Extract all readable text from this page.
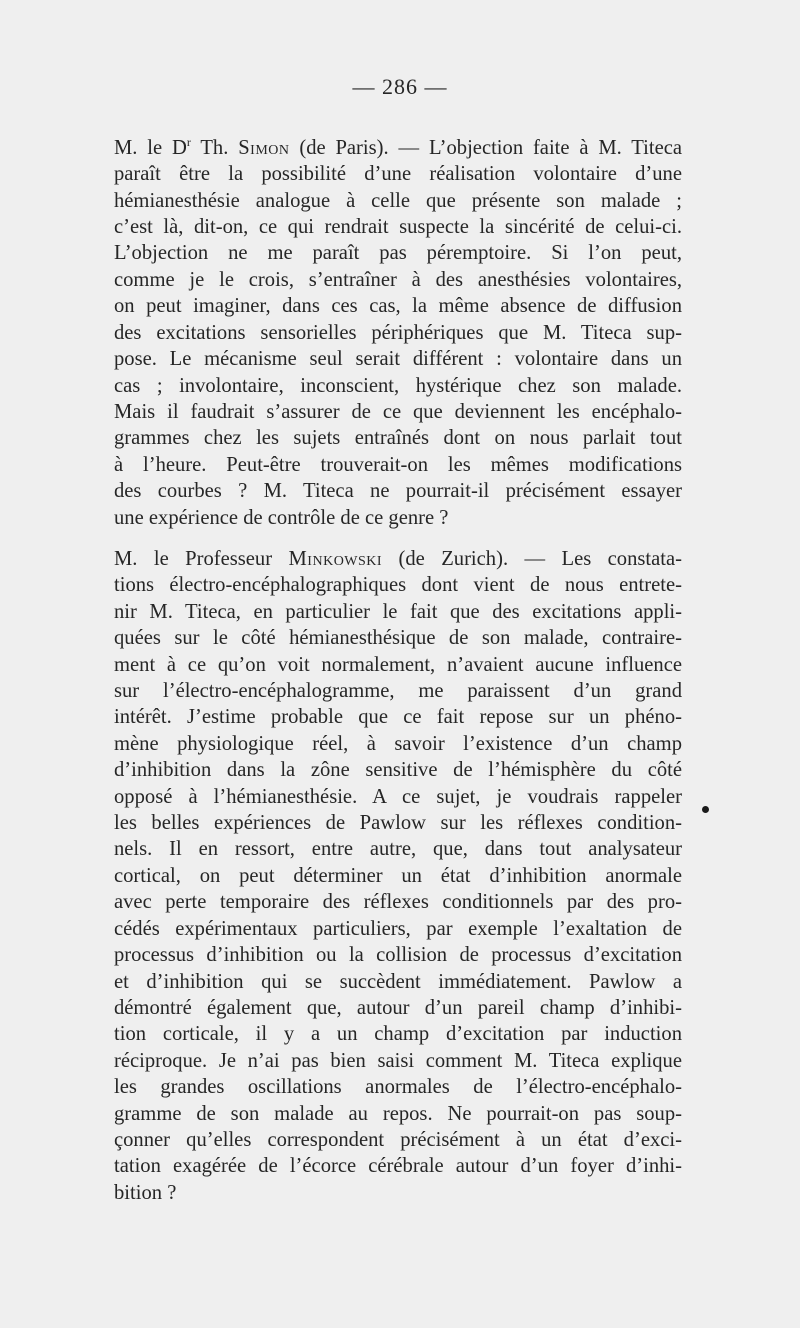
— 286 —
M. le $D^r$ Th. Simon (de Paris). — L’objection faite à M. Titeca
paraît être la possibilité d’une réalisation volontaire d’une
hémianesthésie analogue à celle que présente son malade ;
c’est là, dit-on, ce qui rendrait suspecte la sincérité de celui-ci.
L’objection ne me paraît pas péremptoire. Si l’on peut,
comme je le crois, s’entraîner à des anesthésies volontaires,
on peut imaginer, dans ces cas, la même absence de diffusion
des excitations sensorielles périphériques que M. Titeca sup-
pose. Le mécanisme seul serait différent : volontaire dans un
cas ; involontaire, inconscient, hystérique chez son malade.
Mais il faudrait s’assurer de ce que deviennent les encéphalo-
grammes chez les sujets entraînés dont on nous parlait tout
à l’heure. Peut-être trouverait-on les mêmes modifications
des courbes ? M. Titeca ne pourrait-il précisément essayer
une expérience de contrôle de ce genre ?
M. le Professeur Minkowski (de Zurich). — Les constata-
tions électro-encéphalographiques dont vient de nous entrete-
nir M. Titeca, en particulier le fait que des excitations appli-
quées sur le côté hémianesthésique de son malade, contraire-
ment à ce qu’on voit normalement, n’avaient aucune influence
sur l’électro-encéphalogramme, me paraissent d’un grand
intérêt. J’estime probable que ce fait repose sur un phéno-
mène physiologique réel, à savoir l’existence d’un champ
d’inhibition dans la zône sensitive de l’hémisphère du côté
opposé à l’hémianesthésie. A ce sujet, je voudrais rappeler
les belles expériences de Pawlow sur les réflexes condition-
nels. Il en ressort, entre autre, que, dans tout analysateur
cortical, on peut déterminer un état d’inhibition anormale
avec perte temporaire des réflexes conditionnels par des pro-
cédés expérimentaux particuliers, par exemple l’exaltation de
processus d’inhibition ou la collision de processus d’excitation
et d’inhibition qui se succèdent immédiatement. Pawlow a
démontré également que, autour d’un pareil champ d’inhibi-
tion corticale, il y a un champ d’excitation par induction
réciproque. Je n’ai pas bien saisi comment M. Titeca explique
les grandes oscillations anormales de l’électro-encéphalo-
gramme de son malade au repos. Ne pourrait-on pas soup-
çonner qu’elles correspondent précisément à un état d’exci-
tation exagérée de l’écorce cérébrale autour d’un foyer d’inhi-
bition ?
